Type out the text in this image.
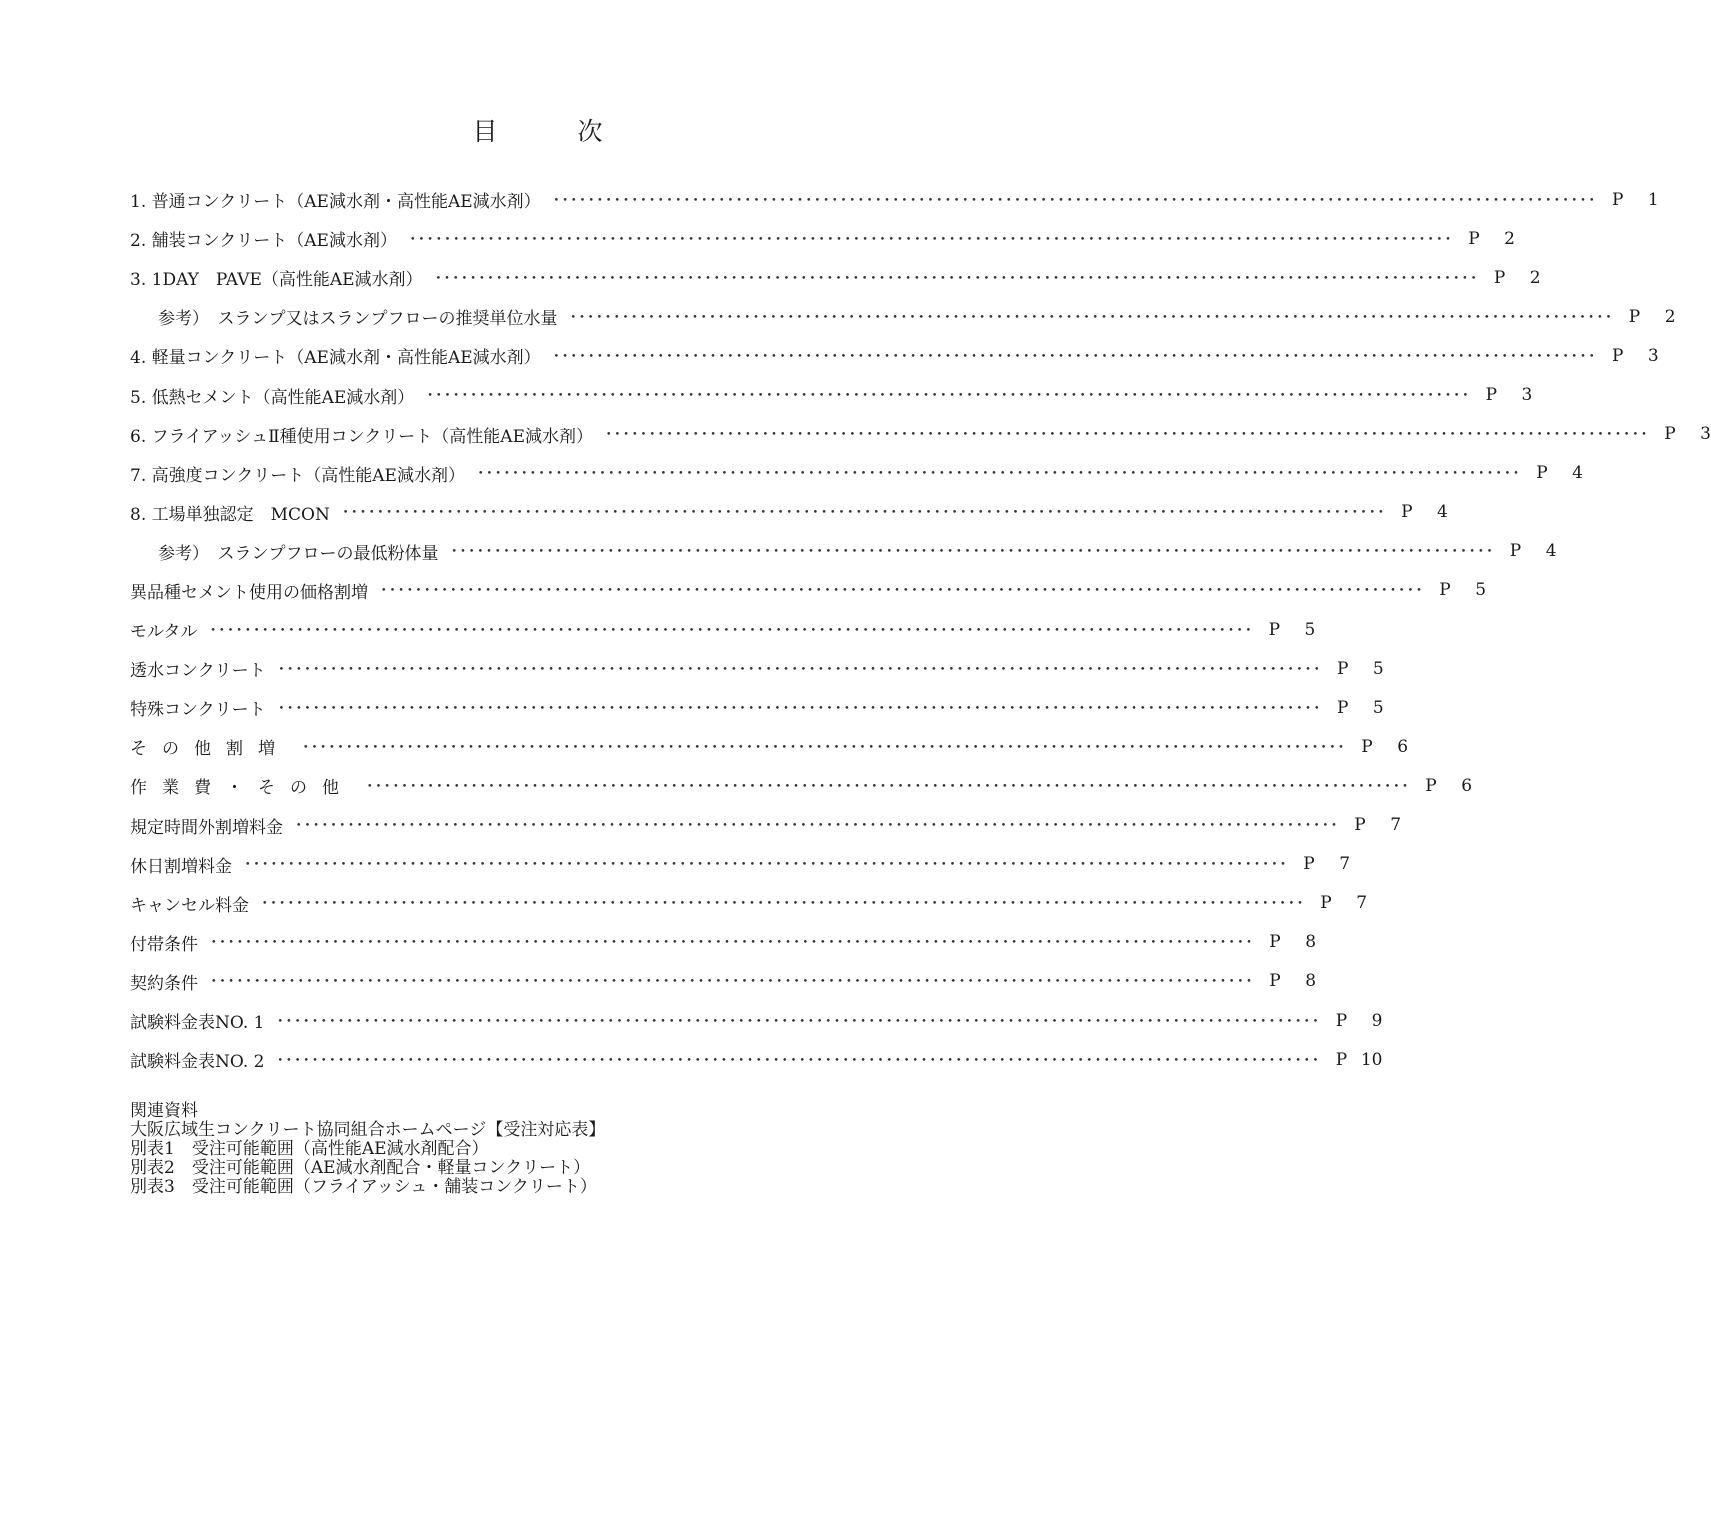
目	次
1. 普通コンクリート（AE減水剤・高性能AE減水剤） ････････････････････････････････････････････････････････････････････････････････････････････････････････････････････････ P	1
2. 舗装コンクリート（AE減水剤） ････････････････････････････････････････････････････････････････････････････････････････････････････････････････････････ P	2
3. 1DAY　PAVE（高性能AE減水剤） ････････････････････････････････････････････････････････････････････････････････････････････････････････････････････････ P	2
参考）　スランプ又はスランプフローの推奨単位水量 ････････････････････････････････････････････････････････････････････････････････････････････････････････････････････････ P	2
4. 軽量コンクリート（AE減水剤・高性能AE減水剤） ････････････････････････････････････････････････････････････････････････････････････････････････････････････････････････ P	3
5. 低熱セメント（高性能AE減水剤） ････････････････････････････････････････････････････････････････････････････････････････････････････････････････････････ P	3
6. フライアッシュⅡ種使用コンクリート（高性能AE減水剤） ････････････････････････････････････････････････････････････････････････････････････････････････････････････････････････ P	3
7. 高強度コンクリート（高性能AE減水剤） ････････････････････････････････････････････････････････････････････････････････････････････････････････････････････････ P	4
8. 工場単独認定　MCON ････････････････････････････････････････････････････････････････････････････････････････････････････････････････････････ P	4
参考）　スランプフローの最低粉体量 ････････････････････････････････････････････････････････････････････････････････････････････････････････････････････････ P	4
異品種セメント使用の価格割増 ････････････････････････････････････････････････････････････････････････････････････････････････････････････････････････ P	5
モルタル ････････････････････････････････････････････････････････････････････････････････････････････････････････････････････････ P	5
透水コンクリート ････････････････････････････････････････････････････････････････････････････････････････････････････････････････････････ P	5
特殊コンクリート ････････････････････････････････････････････････････････････････････････････････････････････････････････････････････････ P	5
その他割増 ････････････････････････････････････････････････････････････････････････････････････････････････････････････････････････ P	6
作業費・その他 ････････････････････････････････････････････････････････････････････････････････････････････････････････････････････････ P	6
規定時間外割増料金 ････････････････････････････････････････････････････････････････････････････････････････････････････････････････････････ P	7
休日割増料金 ････････････････････････････････････････････････････････････････････････････････････････････････････････････････････････ P	7
キャンセル料金 ････････････････････････････････････････････････････････････････････････････････････････････････････････････････････････ P	7
付帯条件 ････････････････････････････････････････････････････････････････････････････････････････････････････････････････････････ P	8
契約条件 ････････････････････････････････････････････････････････････････････････････････････････････････････････････････････････ P	8
試験料金表NO. 1 ････････････････････････････････････････････････････････････････････････････････････････････････････････････････････････ P	9
試験料金表NO. 2 ････････････････････････････････････････････････････････････････････････････････････････････････････････････････････････ P 10
関連資料
大阪広域生コンクリート協同組合ホームページ【受注対応表】
別表1　受注可能範囲（高性能AE減水剤配合）
別表2　受注可能範囲（AE減水剤配合・軽量コンクリート）
別表3　受注可能範囲（フライアッシュ・舗装コンクリート）
